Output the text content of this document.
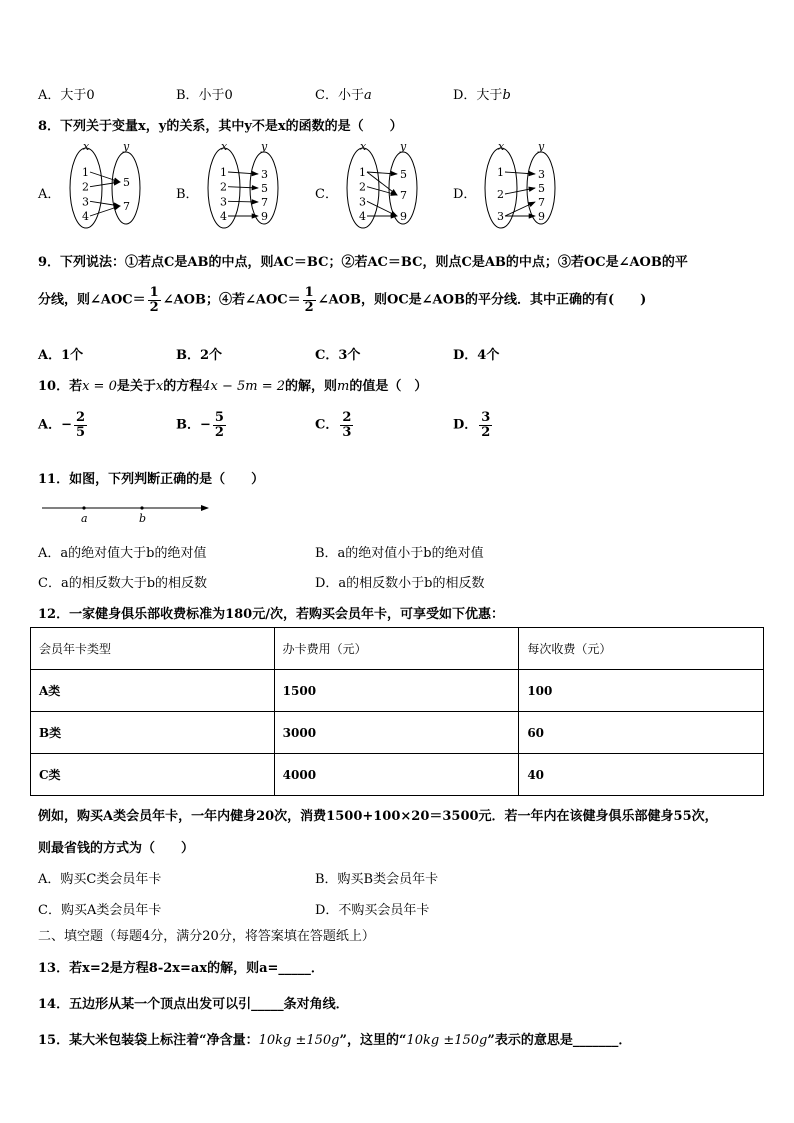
A．大于0	B．小于0	C．小于a	D．大于b
8．下列关于变量x，y的关系，其中y不是x的函数的是（　　）
A．	B．	C．	D．
x	y
1
2
3
4
5
7
x	y
1
2
3
4
3
5
7
9
x	y
1
2
3
4
5
7
9
x	y
1
2
3
3
5
7
9
9．下列说法：①若点C是AB的中点，则AC＝BC；②若AC＝BC，则点C是AB的中点；③若OC是∠AOB的平
分线，则∠AOC＝ $\frac{1}{2}$ ∠AOB；④若∠AOC＝ $\frac{1}{2}$ ∠AOB，则OC是∠AOB的平分线．其中正确的有(　　)
A．1个	B．2个	C．3个	D．4个
10．若x = 0是关于x的方程4x − 5m = 2的解，则m的值是（　）
A．− $\frac{2}{5}$	B．− $\frac{5}{2}$	C． $\frac{2}{3}$	D． $\frac{3}{2}$
11．如图，下列判断正确的是（　　）
a	b
A．a的绝对值大于b的绝对值	B．a的绝对值小于b的绝对值
C．a的相反数大于b的相反数	D．a的相反数小于b的相反数
12．一家健身俱乐部收费标准为180元/次，若购买会员年卡，可享受如下优惠：
会员年卡类型	办卡费用（元）	每次收费（元）
A类	1500	100
B类	3000	60
C类	4000	40
例如，购买A类会员年卡，一年内健身20次，消费1500+100×20＝3500元．若一年内在该健身俱乐部健身55次，
则最省钱的方式为（　　）
A．购买C类会员年卡	B．购买B类会员年卡
C．购买A类会员年卡	D．不购买会员年卡
二、填空题（每题4分，满分20分，将答案填在答题纸上）
13．若x=2是方程8-2x=ax的解，则a=_____．
14．五边形从某一个顶点出发可以引_____条对角线．
15．某大米包装袋上标注着“净含量：10kg ±150g”，这里的“10kg ±150g”表示的意思是_______．
